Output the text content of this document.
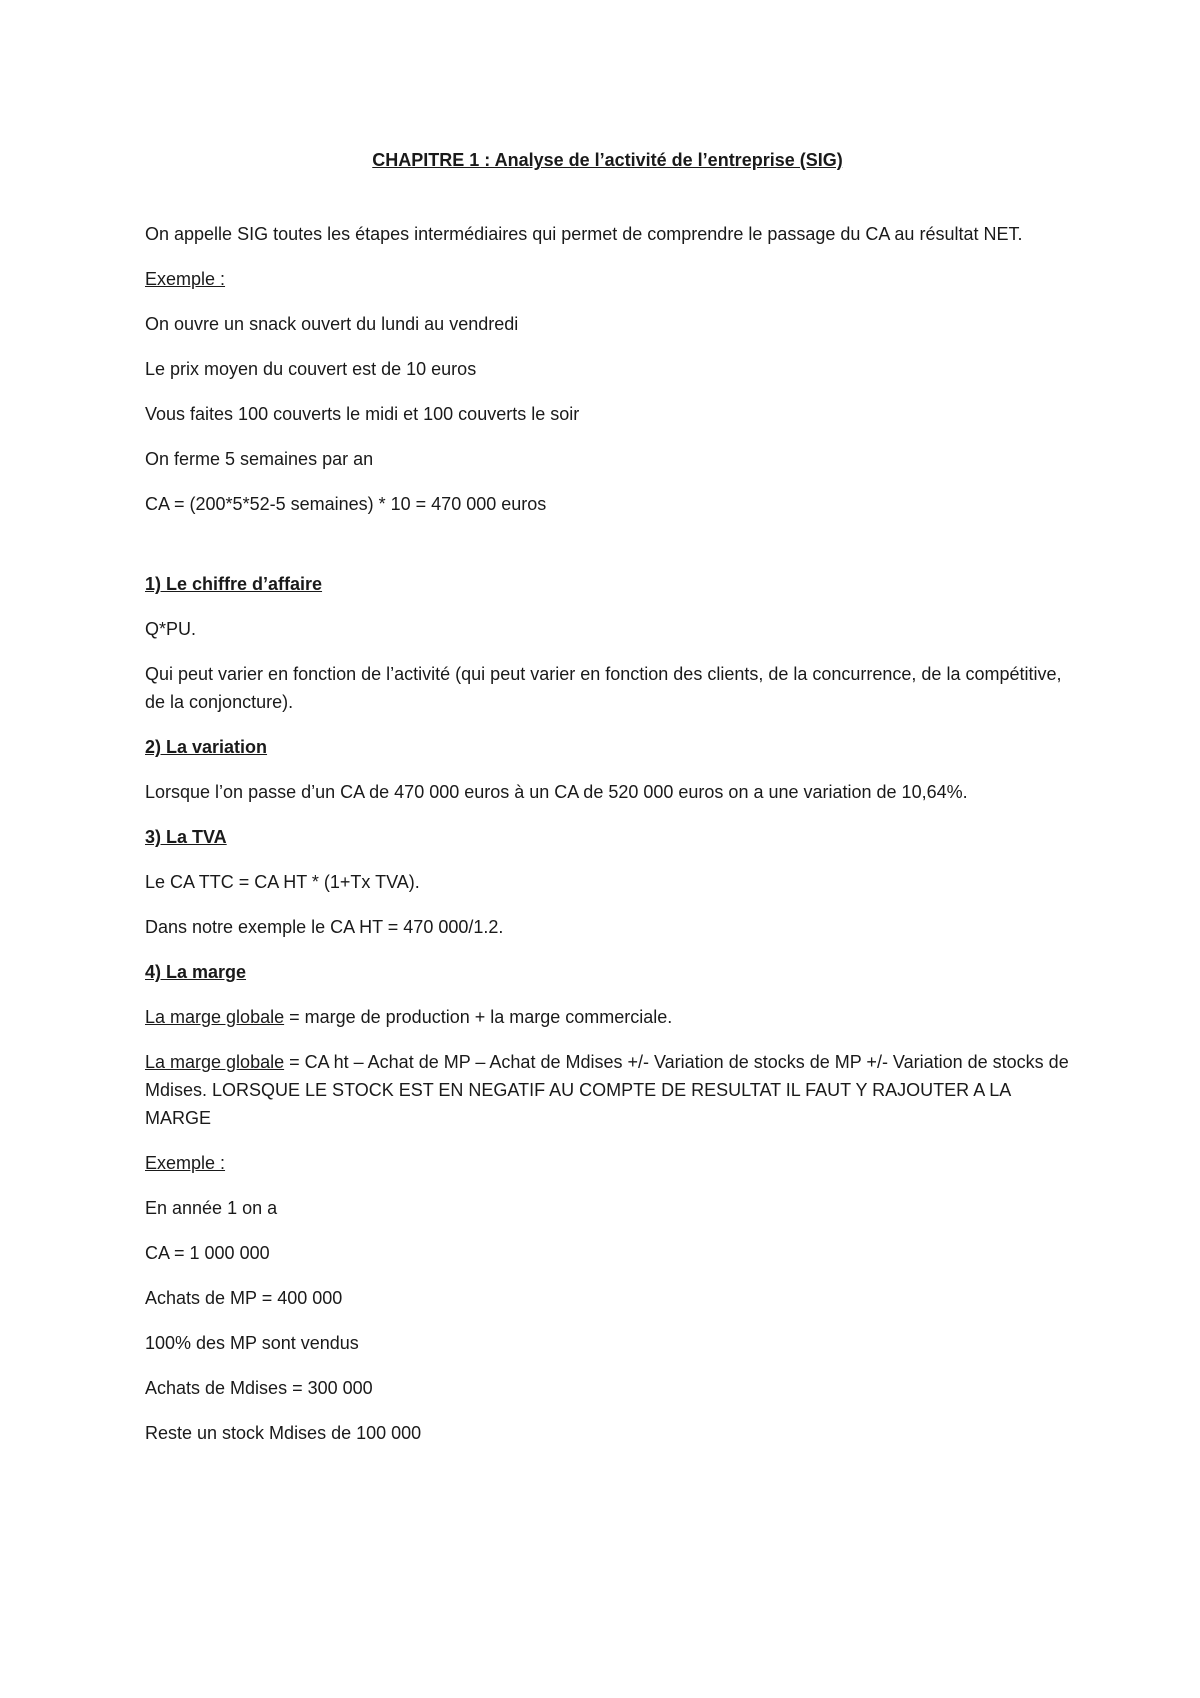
CHAPITRE 1 : Analyse de l’activité de l’entreprise (SIG)
On appelle SIG toutes les étapes intermédiaires qui permet de comprendre le passage du CA au résultat NET.
Exemple :
On ouvre un snack ouvert du lundi au vendredi
Le prix moyen du couvert est de 10 euros
Vous faites 100 couverts le midi et 100 couverts le soir
On ferme 5 semaines par an
CA = (200*5*52-5 semaines) * 10 = 470 000 euros
1) Le chiffre d’affaire
Q*PU.
Qui peut varier en fonction de l’activité (qui peut varier en fonction des clients, de la concurrence, de la compétitive, de la conjoncture).
2) La variation
Lorsque l’on passe d’un CA de 470 000 euros à un CA de 520 000 euros on a une variation de 10,64%.
3) La TVA
Le CA TTC = CA HT * (1+Tx TVA).
Dans notre exemple le CA HT = 470 000/1.2.
4) La marge
La marge globale = marge de production + la marge commerciale.
La marge globale = CA ht – Achat de MP – Achat de Mdises +/- Variation de stocks de MP +/- Variation de stocks de Mdises. LORSQUE LE STOCK EST EN NEGATIF AU COMPTE DE RESULTAT IL FAUT Y RAJOUTER A LA MARGE
Exemple :
En année 1 on a
CA = 1 000 000
Achats de MP = 400 000
100% des MP sont vendus
Achats de Mdises = 300 000
Reste un stock Mdises de 100 000
